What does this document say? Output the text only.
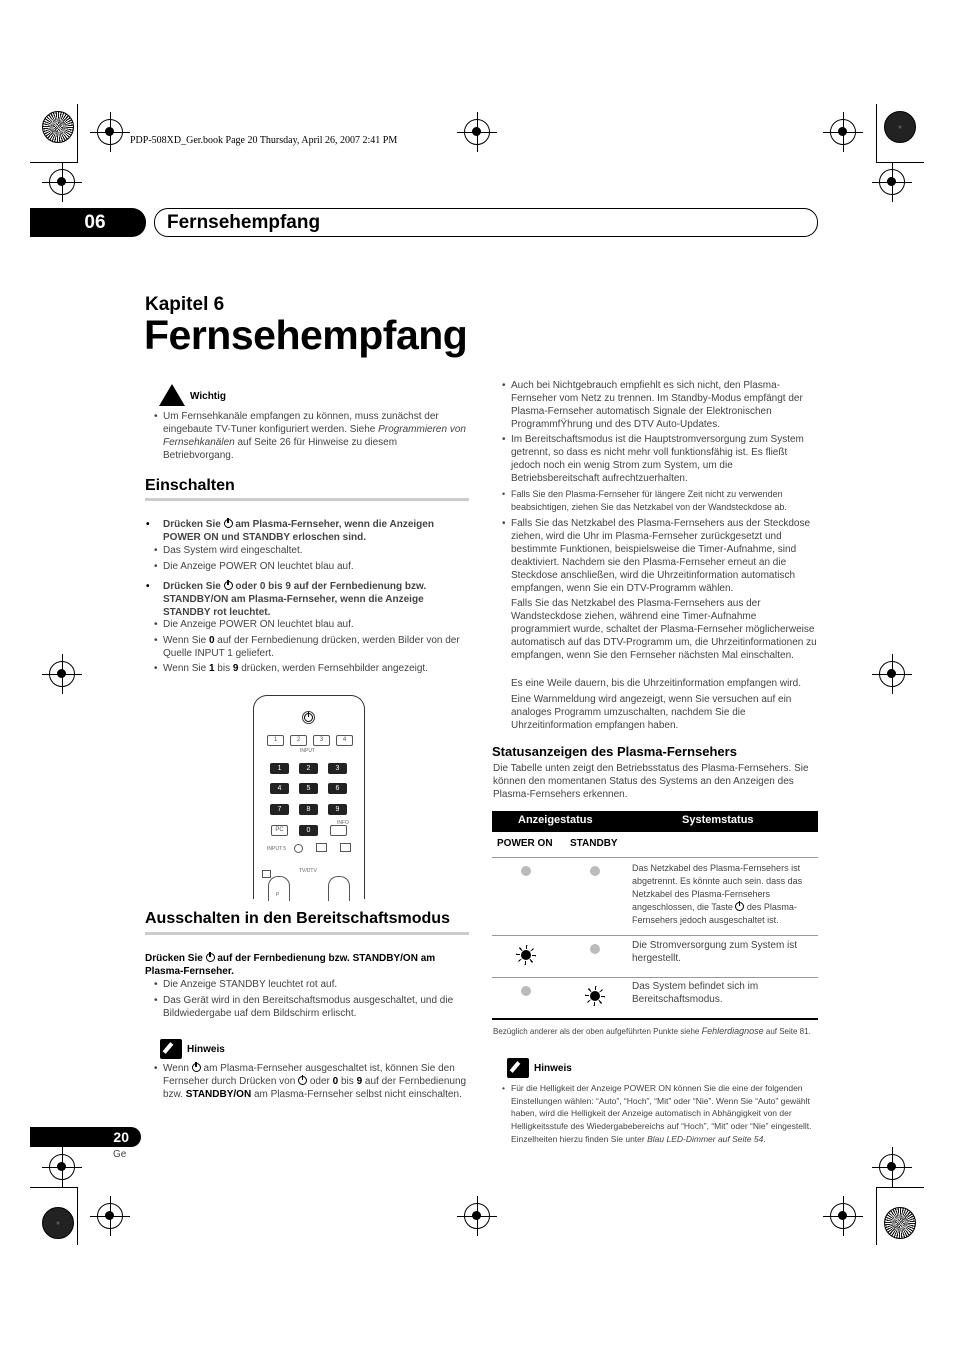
PDP-508XD_Ger.book Page 20 Thursday, April 26, 2007 2:41 PM
06	Fernsehempfang
Kapitel 6
Fernsehempfang
Wichtig
• Um Fernsehkanäle empfangen zu können, muss zunächst der eingebaute TV-Tuner konfiguriert werden. Siehe Programmieren von Fernsehkanälen auf Seite 26 für Hinweise zu diesem Betriebvorgang.
Einschalten
• Drücken Sie  am Plasma-Fernseher, wenn die Anzeigen POWER ON und STANDBY erloschen sind.
• Das System wird eingeschaltet.
• Die Anzeige POWER ON leuchtet blau auf.
• Drücken Sie  oder 0 bis 9 auf der Fernbedienung bzw. STANDBY/ON am Plasma-Fernseher, wenn die Anzeige STANDBY rot leuchtet.
• Die Anzeige POWER ON leuchtet blau auf.
• Wenn Sie 0 auf der Fernbedienung drücken, werden Bilder von der Quelle INPUT 1 geliefert.
• Wenn Sie 1 bis 9 drücken, werden Fernsehbilder angezeigt.
1	2	3	4
INPUT
1	2	3
4	5	6
7	8	9
INFO
PC	0
INPUT 5
TV/DTV
P
Ausschalten in den Bereitschaftsmodus
Drücken Sie  auf der Fernbedienung bzw. STANDBY/ON am Plasma-Fernseher.
• Die Anzeige STANDBY leuchtet rot auf.
• Das Gerät wird in den Bereitschaftsmodus ausgeschaltet, und die Bildwiedergabe uaf dem Bildschirm erlischt.
Hinweis
• Wenn  am Plasma-Fernseher ausgeschaltet ist, können Sie den Fernseher durch Drücken von  oder 0 bis 9 auf der Fernbedienung bzw. STANDBY/ON am Plasma-Fernseher selbst nicht einschalten.
• Auch bei Nichtgebrauch empfiehlt es sich nicht, den Plasma-Fernseher vom Netz zu trennen. Im Standby-Modus empfängt der Plasma-Fernseher automatisch Signale der Elektronischen ProgrammfŸhrung und des DTV Auto-Updates.
• Im Bereitschaftsmodus ist die Hauptstromversorgung zum System getrennt, so dass es nicht mehr voll funktionsfähig ist. Es fließt jedoch noch ein wenig Strom zum System, um die Betriebsbereitschaft aufrechtzuerhalten.
• Falls Sie den Plasma-Fernseher für längere Zeit nicht zu verwenden beabsichtigen, ziehen Sie das Netzkabel von der Wandsteckdose ab.
• Falls Sie das Netzkabel des Plasma-Fernsehers aus der Steckdose ziehen, wird die Uhr im Plasma-Fernseher zurückgesetzt und bestimmte Funktionen, beispielsweise die Timer-Aufnahme, sind deaktiviert. Nachdem sie den Plasma-Fernseher erneut an die Steckdose anschließen, wird die Uhrzeitinformation automatisch empfangen, wenn Sie ein DTV-Programm wählen.
Falls Sie das Netzkabel des Plasma-Fernsehers aus der Wandsteckdose ziehen, während eine Timer-Aufnahme programmiert wurde, schaltet der Plasma-Fernseher möglicherweise automatisch auf das DTV-Programm um, die Uhrzeitinformationen zu empfangen, wenn Sie den Fernseher nächsten Mal einschalten.
Es eine Weile dauern, bis die Uhrzeitinformation empfangen wird.
Eine Warnmeldung wird angezeigt, wenn Sie versuchen auf ein analoges Programm umzuschalten, nachdem Sie die Uhrzeitinformation empfangen haben.
Statusanzeigen des Plasma-Fernsehers
Die Tabelle unten zeigt den Betriebsstatus des Plasma-Fernsehers. Sie können den momentanen Status des Systems an den Anzeigen des Plasma-Fernsehers erkennen.
Anzeigestatus	Systemstatus
POWER ON STANDBY
Das Netzkabel des Plasma-Fernsehers ist abgetrennt. Es könnte auch sein. dass das Netzkabel des Plasma-Fernsehers angeschlossen, die Taste  des Plasma-Fernsehers jedoch ausgeschaltet ist.
Die Stromversorgung zum System ist hergestellt.
Das System befindet sich im Bereitschaftsmodus.
Bezüglich anderer als der oben aufgeführten Punkte siehe Fehlerdiagnose auf Seite 81.
Hinweis
• Für die Helligkeit der Anzeige POWER ON können Sie die eine der folgenden Einstellungen wählen: “Auto”, “Hoch”, “Mit” oder “Nie”. Wenn Sie “Auto” gewählt haben, wird die Helligkeit der Anzeige automatisch in Abhängigkeit von der Helligkeitsstufe des Wiedergabebereichs auf “Hoch”, “Mit” oder “Nie” eingestellt. Einzelheiten hierzu finden Sie unter Blau LED-Dimmer auf Seite 54.
20
Ge
